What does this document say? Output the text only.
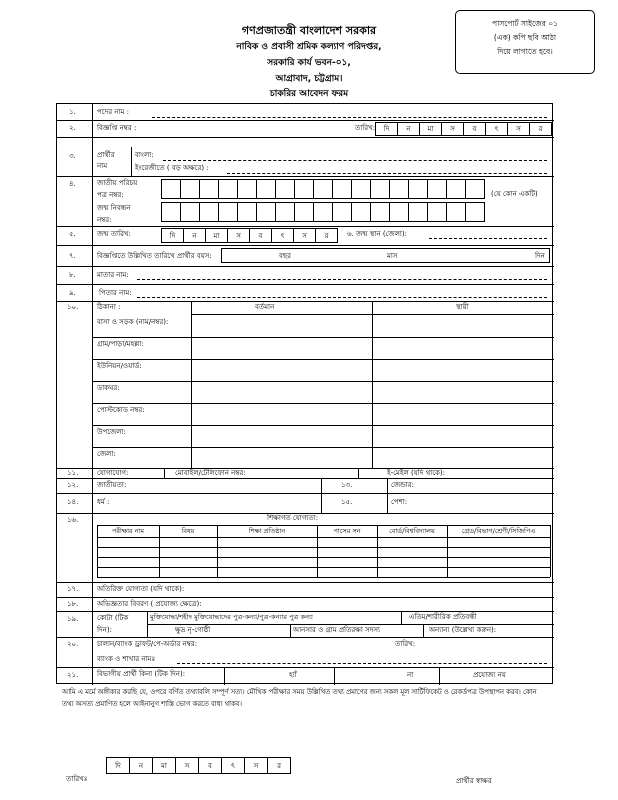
গণপ্রজাতন্ত্রী বাংলাদেশ সরকার
নাবিক ও প্রবাসী শ্রমিক কল্যাণ পরিদপ্তর,
সরকারি কার্য ভবন-০১,
আগ্রাবাদ, চট্টগ্রাম।
চাকরির আবেদন ফরম
পাসপোর্ট সাইজের ০১
(এক) কপি ছবি আঠা
দিয়ে লাগাতে হবে।
১.	পদের নাম :
২.	বিজ্ঞপ্তি নম্বর :	তারিখ:	দি	ন	মা	স	ব	ৎ	স	র
৩.	প্রার্থীর
নাম
বাংলা:
ইংরেজীতে ( বড় অক্ষরে) :
৪.	জাতীয় পরিচয়
পত্র নম্বর:	(যে কোন একটি)
জন্ম নিবন্ধন
নম্বর:
৫.	জন্ম তারিখ:	দি	ন	মা	স	ব	ৎ	স	র	৬. জন্ম স্থান (জেলা):
৭.	বিজ্ঞপ্তিতে উল্লিখিত তারিখে প্রার্থীর বয়স:	বছর	মাস	দিন
৮.	মাতার নাম:
৯.	পিতার নাম:
১০.	ঠিকানা :	বর্তমান	স্থায়ী
বাসা ও সড়ক (নাম/নম্বর):
গ্রাম/পাড়া/মহল্লা:
ইউনিয়ন/ওয়ার্ড:
ডাকঘর:
পোস্টকোড নম্বর:
উপজেলা:
জেলা:
১১.	যোগাযোগ:	মোবাইল/টেলিফোন নম্বর:	ই-মেইল (যদি থাকে):
১২.	জাতীয়তা:	১৩.	জেন্ডার:
১৪.	ধর্ম :	১৫.	পেশা:
১৬.	শিক্ষাগত যোগ্যতা:
পরীক্ষার নাম	বিষয়	শিক্ষা প্রতিষ্ঠান	পাসের সন	বোর্ড/বিশ্ববিদ্যালয়	গ্রেড/বিভাগ/শ্রেণী/সিজিপিএ
১৭.	অতিরিক্ত যোগ্যতা (যদি থাকে):
১৮.	অভিজ্ঞতার বিবরণ ( প্রযোজ্য ক্ষেত্রে):
১৯.	কোটা (টিক
দিন):
মুক্তিযোদ্ধা/শহীদ মুক্তিযোদ্ধাদের পুত্র-কন্যা/পুত্র-কন্যার পুত্র কন্যা	এতিম/শারীরিক প্রতিবন্ধী
ক্ষুদ্র নৃ-গোষ্ঠী	আনসার ও গ্রাম প্রতিরক্ষা সদস্য	অন্যান্য (উল্লেখ্য করুন):
২০.	চালান/ব্যাংক ড্রাফট/পে-অর্ডার নম্বর:	তারিখ:
ব্যাংক ও শাখার নামঃ
২১.	বিভাগীয় প্রার্থী কিনা (টিক দিন):	হ্যাঁ	না	প্রযোজ্য নয়
আমি এ মর্মে অঙ্গীকার করছি যে, ওপরে বর্ণিত তথ্যাবলি সম্পূর্ণ সত্য। মৌখিক পরীক্ষার সময় উল্লিখিত তথ্য প্রমাণের জন্য সকল মূল সার্টিফিকেট ও রেকর্ডপত্র উপস্থাপন করব। কোন তথ্য অসত্য প্রমাণিত হলে আইনানুগ শাস্তি ভোগ করতে বাধ্য থাকব।
তারিখঃ
দি	ন	মা	স	ব	ৎ	স	র
প্রার্থীর স্বাক্ষর
